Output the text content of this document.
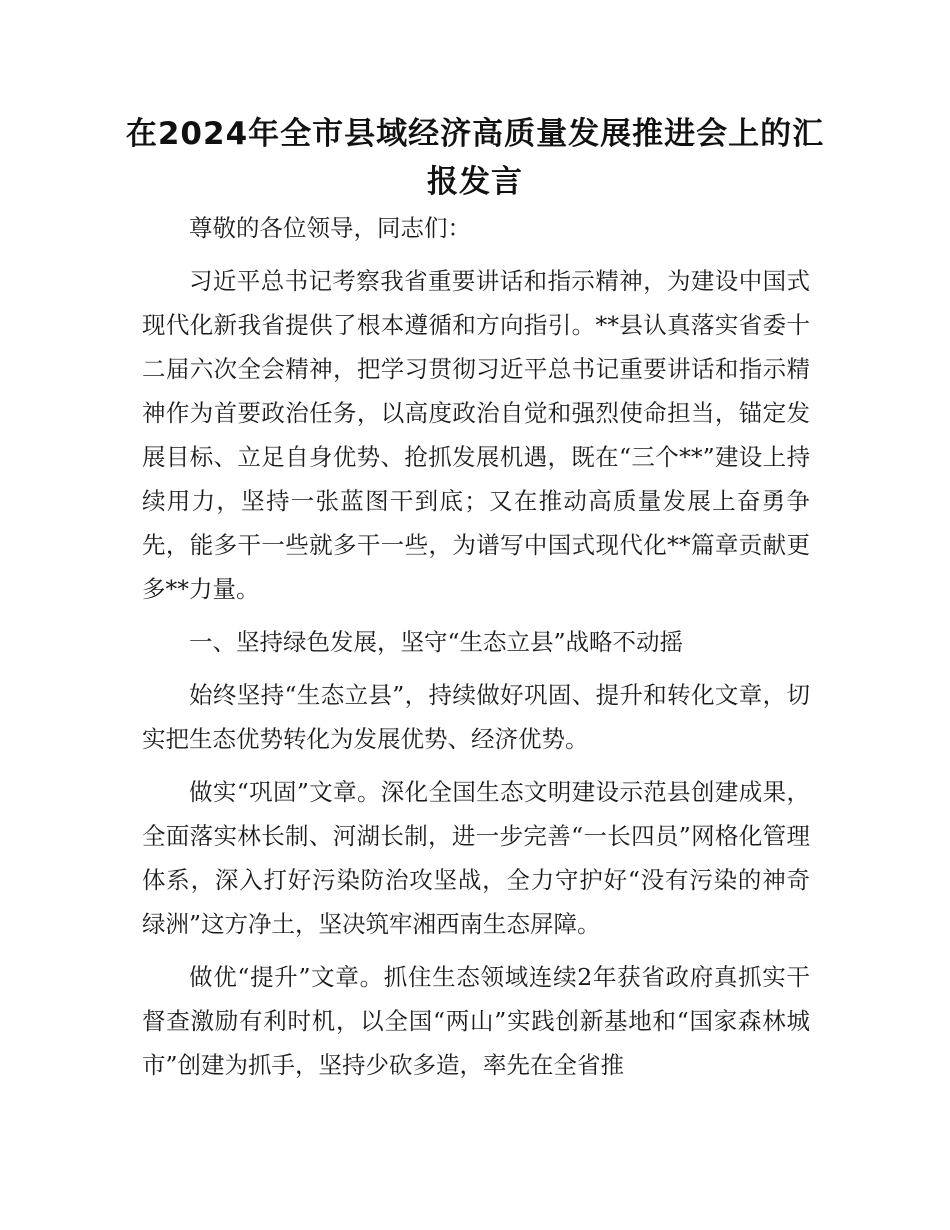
在2024年全市县域经济高质量发展推进会上的汇报发言

尊敬的各位领导，同志们：

习近平总书记考察我省重要讲话和指示精神，为建设中国式现代化新我省提供了根本遵循和方向指引。**县认真落实省委十二届六次全会精神，把学习贯彻习近平总书记重要讲话和指示精神作为首要政治任务，以高度政治自觉和强烈使命担当，锚定发展目标、立足自身优势、抢抓发展机遇，既在“三个**”建设上持续用力，坚持一张蓝图干到底；又在推动高质量发展上奋勇争先，能多干一些就多干一些，为谱写中国式现代化**篇章贡献更多**力量。

一、坚持绿色发展，坚守“生态立县”战略不动摇

始终坚持“生态立县”，持续做好巩固、提升和转化文章，切实把生态优势转化为发展优势、经济优势。

做实“巩固”文章。深化全国生态文明建设示范县创建成果，全面落实林长制、河湖长制，进一步完善“一长四员”网格化管理体系，深入打好污染防治攻坚战，全力守护好“没有污染的神奇绿洲”这方净土，坚决筑牢湘西南生态屏障。

做优“提升”文章。抓住生态领域连续2年获省政府真抓实干督查激励有利时机，以全国“两山”实践创新基地和“国家森林城市”创建为抓手，坚持少砍多造，率先在全省推
